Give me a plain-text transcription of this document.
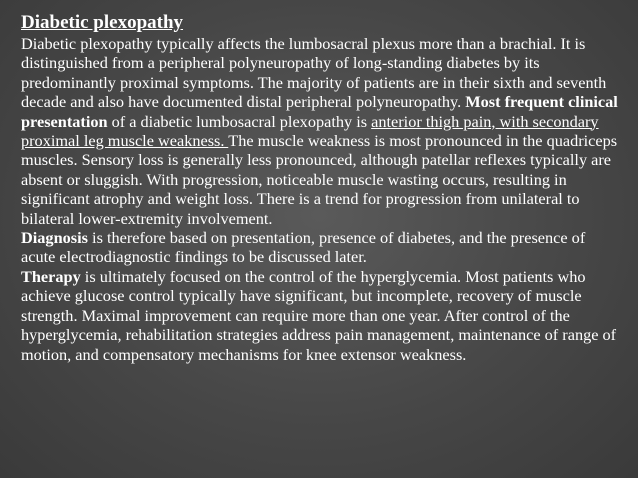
Diabetic plexopathy

Diabetic plexopathy typically affects the lumbosacral plexus more than a brachial. It is distinguished from a peripheral polyneuropathy of long-standing diabetes by its predominantly proximal symptoms. The majority of patients are in their sixth and seventh decade and also have documented distal peripheral polyneuropathy. Most frequent clinical presentation of a diabetic lumbosacral plexopathy is anterior thigh pain, with secondary proximal leg muscle weakness. The muscle weakness is most pronounced in the quadriceps muscles. Sensory loss is generally less pronounced, although patellar reflexes typically are absent or sluggish. With progression, noticeable muscle wasting occurs, resulting in significant atrophy and weight loss. There is a trend for progression from unilateral to bilateral lower-extremity involvement.

Diagnosis is therefore based on presentation, presence of diabetes, and the presence of acute electrodiagnostic findings to be discussed later.

Therapy is ultimately focused on the control of the hyperglycemia. Most patients who achieve glucose control typically have significant, but incomplete, recovery of muscle strength. Maximal improvement can require more than one year. After control of the hyperglycemia, rehabilitation strategies address pain management, maintenance of range of motion, and compensatory mechanisms for knee extensor weakness.
